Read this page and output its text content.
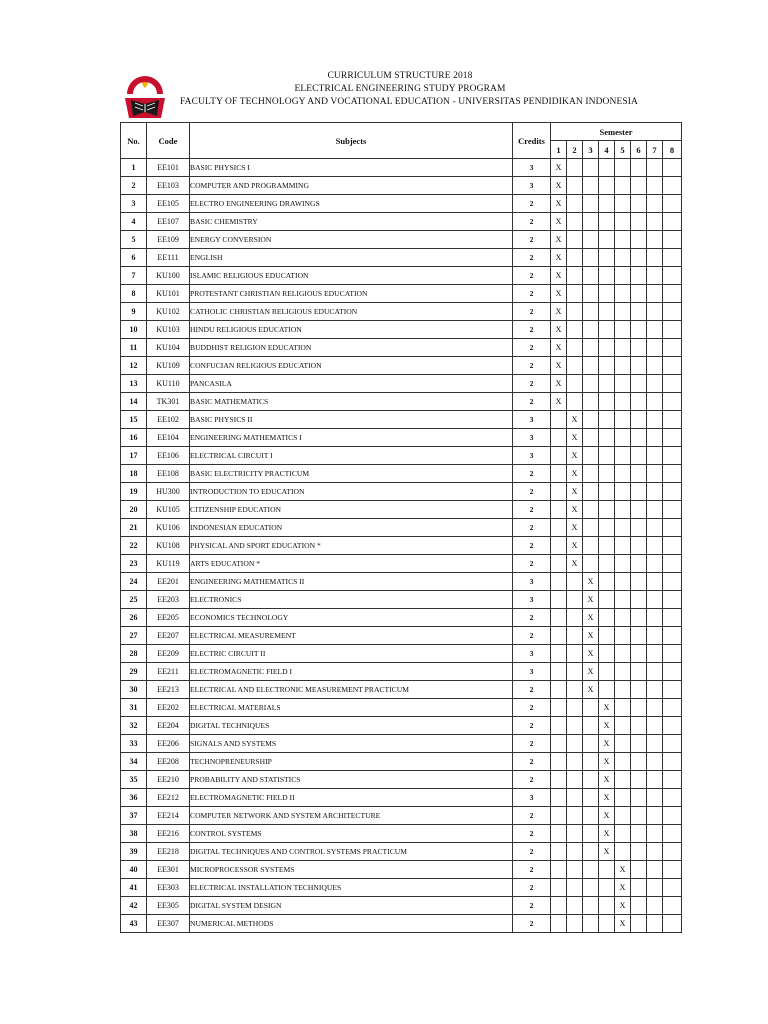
CURRICULUM STRUCTURE 2018
ELECTRICAL ENGINEERING STUDY PROGRAM
FACULTY OF TECHNOLOGY AND VOCATIONAL EDUCATION - UNIVERSITAS PENDIDIKAN INDONESIA
No.	Code	Subjects	Credits	Semester							
				1	2	3	4	5	6	7	8
1	EE101	BASIC PHYSICS I	3	X							
2	EE103	COMPUTER AND PROGRAMMING	3	X							
3	EE105	ELECTRO ENGINEERING DRAWINGS	2	X							
4	EE107	BASIC CHEMISTRY	2	X							
5	EE109	ENERGY CONVERSION	2	X							
6	EE111	ENGLISH	2	X							
7	KU100	ISLAMIC RELIGIOUS EDUCATION	2	X							
8	KU101	PROTESTANT CHRISTIAN RELIGIOUS EDUCATION	2	X							
9	KU102	CATHOLIC CHRISTIAN RELIGIOUS EDUCATION	2	X							
10	KU103	HINDU RELIGIOUS EDUCATION	2	X							
11	KU104	BUDDHIST RELIGION EDUCATION	2	X							
12	KU109	CONFUCIAN RELIGIOUS EDUCATION	2	X							
13	KU110	PANCASILA	2	X							
14	TK301	BASIC MATHEMATICS	2	X							
15	EE102	BASIC PHYSICS II	3		X						
16	EE104	ENGINEERING MATHEMATICS I	3		X						
17	EE106	ELECTRICAL CIRCUIT I	3		X						
18	EE108	BASIC ELECTRICITY PRACTICUM	2		X						
19	HU300	INTRODUCTION TO EDUCATION	2		X						
20	KU105	CITIZENSHIP EDUCATION	2		X						
21	KU106	INDONESIAN EDUCATION	2		X						
22	KU108	PHYSICAL AND SPORT EDUCATION *	2		X						
23	KU119	ARTS EDUCATION *	2		X						
24	EE201	ENGINEERING MATHEMATICS II	3			X					
25	EE203	ELECTRONICS	3			X					
26	EE205	ECONOMICS TECHNOLOGY	2			X					
27	EE207	ELECTRICAL MEASUREMENT	2			X					
28	EE209	ELECTRIC CIRCUIT II	3			X					
29	EE211	ELECTROMAGNETIC FIELD I	3			X					
30	EE213	ELECTRICAL AND ELECTRONIC MEASUREMENT PRACTICUM	2			X					
31	EE202	ELECTRICAL MATERIALS	2				X				
32	EE204	DIGITAL TECHNIQUES	2				X				
33	EE206	SIGNALS AND SYSTEMS	2				X				
34	EE208	TECHNOPRENEURSHIP	2				X				
35	EE210	PROBABILITY AND STATISTICS	2				X				
36	EE212	ELECTROMAGNETIC FIELD II	3				X				
37	EE214	COMPUTER NETWORK AND SYSTEM ARCHITECTURE	2				X				
38	EE216	CONTROL SYSTEMS	2				X				
39	EE218	DIGITAL TECHNIQUES AND CONTROL SYSTEMS PRACTICUM	2				X				
40	EE301	MICROPROCESSOR SYSTEMS	2					X			
41	EE303	ELECTRICAL INSTALLATION TECHNIQUES	2					X			
42	EE305	DIGITAL SYSTEM DESIGN	2					X			
43	EE307	NUMERICAL METHODS	2					X			
